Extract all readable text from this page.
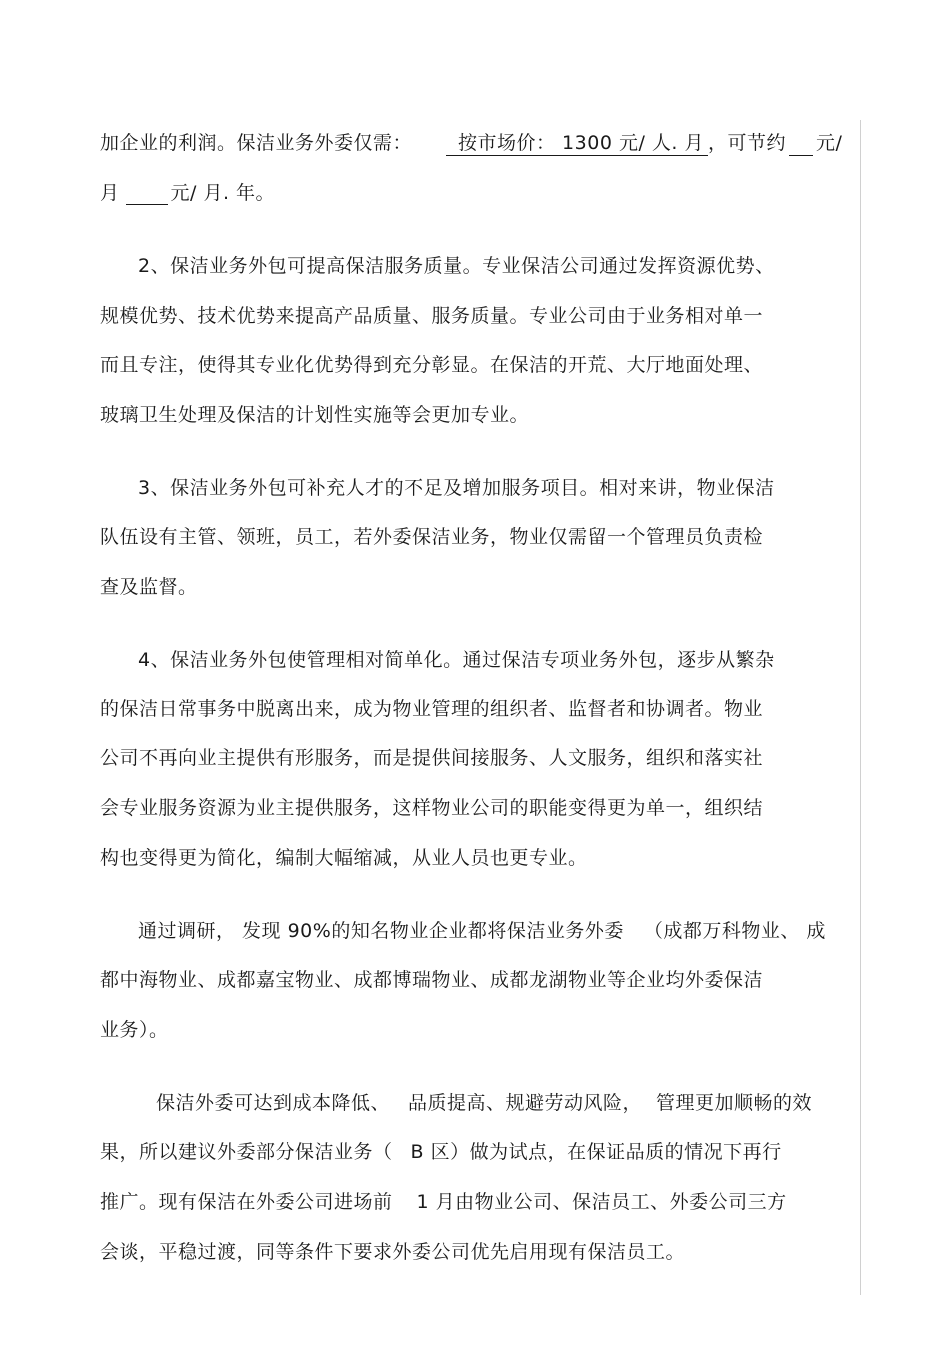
加企业的利润。保洁业务外委仅需： 按市场价： 1300 元/ 人. 月 ，可节约 元/
月	元/ 月. 年。
2、保洁业务外包可提高保洁服务质量。专业保洁公司通过发挥资源优势、
规模优势、技术优势来提高产品质量、服务质量。专业公司由于业务相对单一
而且专注，使得其专业化优势得到充分彰显。在保洁的开荒、大厅地面处理、
玻璃卫生处理及保洁的计划性实施等会更加专业。
3、保洁业务外包可补充人才的不足及增加服务项目。相对来讲，物业保洁
队伍设有主管、领班，员工，若外委保洁业务，物业仅需留一个管理员负责检
查及监督。
4、保洁业务外包使管理相对简单化。通过保洁专项业务外包，逐步从繁杂
的保洁日常事务中脱离出来，成为物业管理的组织者、监督者和协调者。物业
公司不再向业主提供有形服务，而是提供间接服务、人文服务，组织和落实社
会专业服务资源为业主提供服务，这样物业公司的职能变得更为单一，组织结
构也变得更为简化，编制大幅缩减，从业人员也更专业。
通过调研， 发现 90%的知名物业企业都将保洁业务外委 （成都万科物业、 成
都中海物业、成都嘉宝物业、成都博瑞物业、成都龙湖物业等企业均外委保洁
业务）。
保洁外委可达到成本降低、 品质提高、规避劳动风险， 管理更加顺畅的效
果，所以建议外委部分保洁业务（ B 区）做为试点，在保证品质的情况下再行
推广。现有保洁在外委公司进场前 1 月由物业公司、保洁员工、外委公司三方
会谈，平稳过渡，同等条件下要求外委公司优先启用现有保洁员工。
